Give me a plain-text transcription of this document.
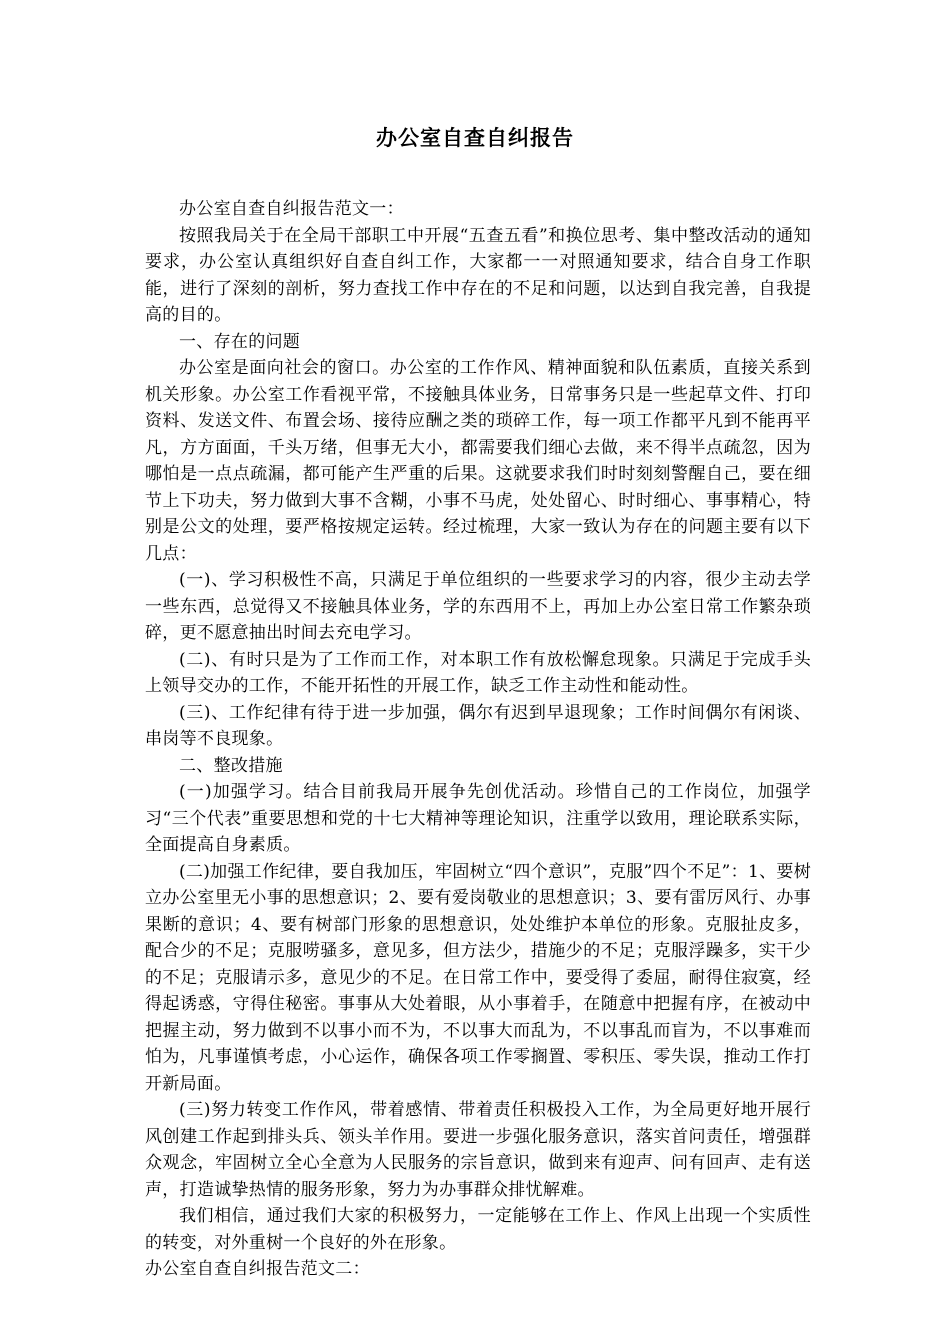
办公室自查自纠报告

办公室自查自纠报告范文一：

按照我局关于在全局干部职工中开展“五查五看”和换位思考、集中整改活动的通知要求，办公室认真组织好自查自纠工作，大家都一一对照通知要求，结合自身工作职能，进行了深刻的剖析，努力查找工作中存在的不足和问题，以达到自我完善，自我提高的目的。

一、存在的问题

办公室是面向社会的窗口。办公室的工作作风、精神面貌和队伍素质，直接关系到机关形象。办公室工作看视平常，不接触具体业务，日常事务只是一些起草文件、打印资料、发送文件、布置会场、接待应酬之类的琐碎工作，每一项工作都平凡到不能再平凡，方方面面，千头万绪，但事无大小，都需要我们细心去做，来不得半点疏忽，因为哪怕是一点点疏漏，都可能产生严重的后果。这就要求我们时时刻刻警醒自己，要在细节上下功夫，努力做到大事不含糊，小事不马虎，处处留心、时时细心、事事精心，特别是公文的处理，要严格按规定运转。经过梳理，大家一致认为存在的问题主要有以下几点：

(一)、学习积极性不高，只满足于单位组织的一些要求学习的内容，很少主动去学一些东西，总觉得又不接触具体业务，学的东西用不上，再加上办公室日常工作繁杂琐碎，更不愿意抽出时间去充电学习。

(二)、有时只是为了工作而工作，对本职工作有放松懈怠现象。只满足于完成手头上领导交办的工作，不能开拓性的开展工作，缺乏工作主动性和能动性。

(三)、工作纪律有待于进一步加强，偶尔有迟到早退现象；工作时间偶尔有闲谈、串岗等不良现象。

二、整改措施

(一)加强学习。结合目前我局开展争先创优活动。珍惜自己的工作岗位，加强学习“三个代表”重要思想和党的十七大精神等理论知识，注重学以致用，理论联系实际，全面提高自身素质。

(二)加强工作纪律，要自我加压，牢固树立“四个意识”，克服”四个不足”：1、要树立办公室里无小事的思想意识；2、要有爱岗敬业的思想意识；3、要有雷厉风行、办事果断的意识；4、要有树部门形象的思想意识，处处维护本单位的形象。克服扯皮多，配合少的不足；克服唠骚多，意见多，但方法少，措施少的不足；克服浮躁多，实干少的不足；克服请示多，意见少的不足。在日常工作中，要受得了委屈，耐得住寂寞，经得起诱惑，守得住秘密。事事从大处着眼，从小事着手，在随意中把握有序，在被动中把握主动，努力做到不以事小而不为，不以事大而乱为，不以事乱而盲为，不以事难而怕为，凡事谨慎考虑，小心运作，确保各项工作零搁置、零积压、零失误，推动工作打开新局面。

(三)努力转变工作作风，带着感情、带着责任积极投入工作，为全局更好地开展行风创建工作起到排头兵、领头羊作用。要进一步强化服务意识，落实首问责任，增强群众观念，牢固树立全心全意为人民服务的宗旨意识，做到来有迎声、问有回声、走有送声，打造诚挚热情的服务形象，努力为办事群众排忧解难。

我们相信，通过我们大家的积极努力，一定能够在工作上、作风上出现一个实质性的转变，对外重树一个良好的外在形象。

办公室自查自纠报告范文二：
